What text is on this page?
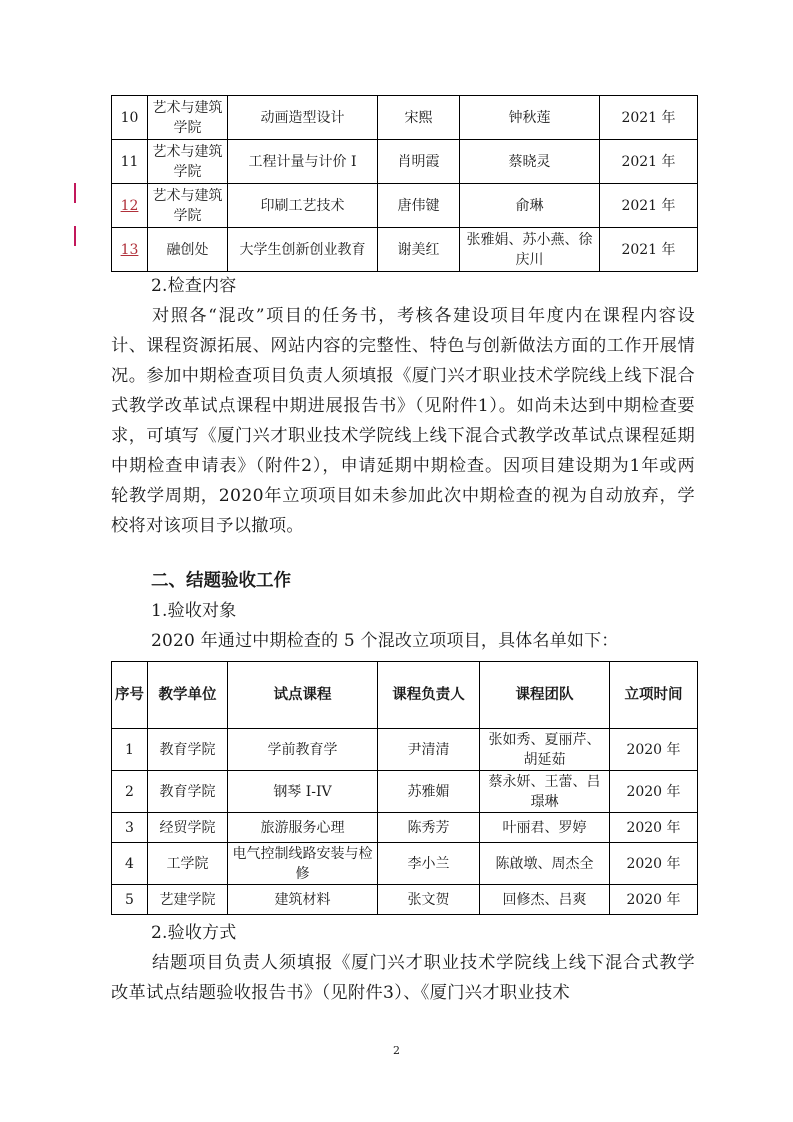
10	艺术与建筑学院	动画造型设计	宋熙	钟秋莲	2021 年
11	艺术与建筑学院	工程计量与计价 I	肖明霞	蔡晓灵	2021 年
12	艺术与建筑学院	印刷工艺技术	唐伟键	俞琳	2021 年
13	融创处	大学生创新创业教育	谢美红	张雅娟、苏小燕、徐庆川	2021 年
2.检查内容
对照各“混改”项目的任务书，考核各建设项目年度内在课程内容设计、课程资源拓展、网站内容的完整性、特色与创新做法方面的工作开展情况。参加中期检查项目负责人须填报《厦门兴才职业技术学院线上线下混合式教学改革试点课程中期进展报告书》（见附件1）。如尚未达到中期检查要求，可填写《厦门兴才职业技术学院线上线下混合式教学改革试点课程延期中期检查申请表》（附件2），申请延期中期检查。因项目建设期为1年或两轮教学周期，2020年立项项目如未参加此次中期检查的视为自动放弃，学校将对该项目予以撤项。
二、结题验收工作
1.验收对象
2020 年通过中期检查的 5 个混改立项项目，具体名单如下：
序号	教学单位	试点课程	课程负责人	课程团队	立项时间
1	教育学院	学前教育学	尹清清	张如秀、夏丽芹、胡延茹	2020 年
2	教育学院	钢琴 I-IV	苏雅媚	蔡永妍、王蕾、吕璟琳	2020 年
3	经贸学院	旅游服务心理	陈秀芳	叶丽君、罗婷	2020 年
4	工学院	电气控制线路安装与检修	李小兰	陈啟墩、周杰全	2020 年
5	艺建学院	建筑材料	张文贺	回修杰、吕爽	2020 年
2.验收方式
结题项目负责人须填报《厦门兴才职业技术学院线上线下混合式教学改革试点结题验收报告书》（见附件3）、《厦门兴才职业技术
2
